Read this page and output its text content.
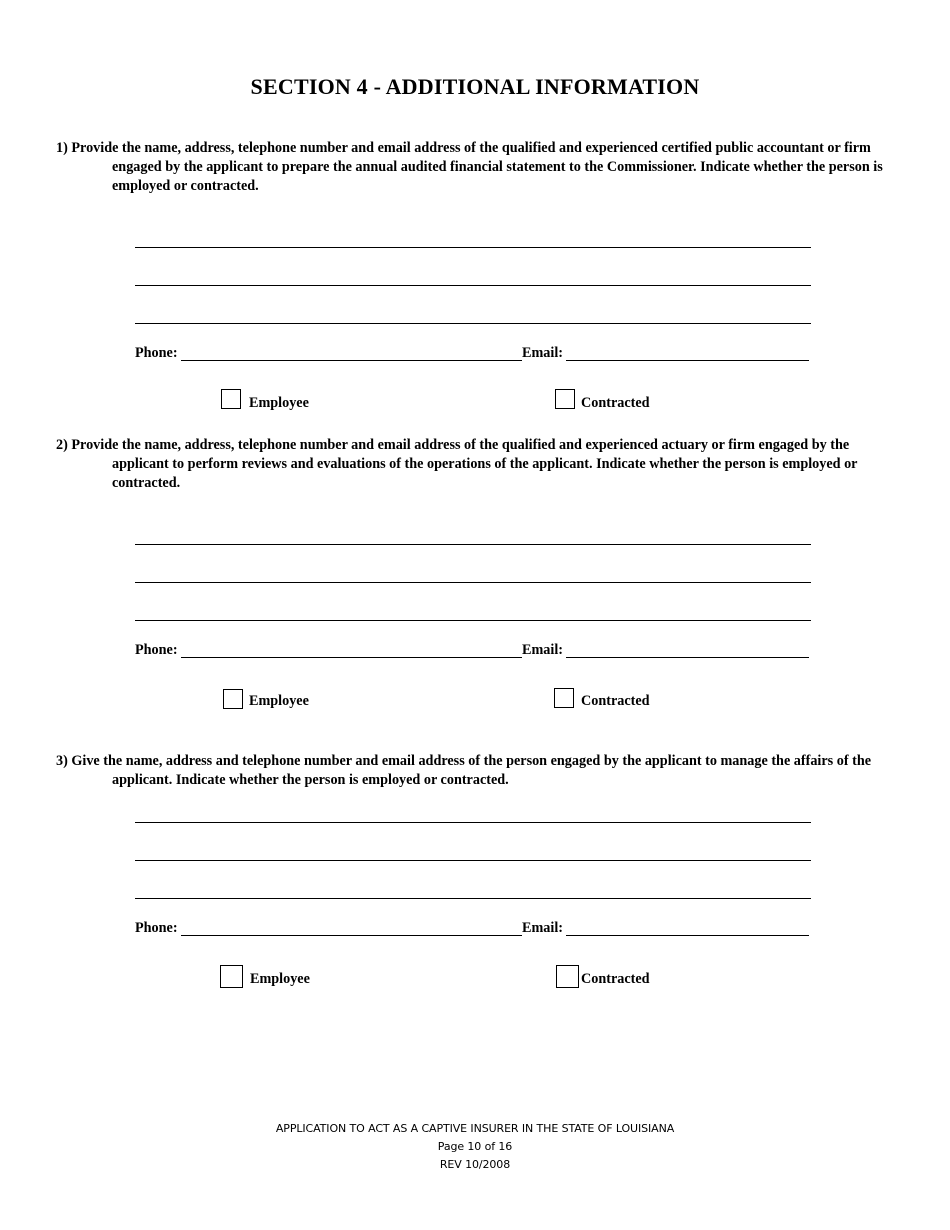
SECTION 4 - ADDITIONAL INFORMATION
1) Provide the name, address, telephone number and email address of the qualified and experienced certified public accountant or firm engaged by the applicant to prepare the annual audited financial statement to the Commissioner. Indicate whether the person is employed or contracted.
Phone:	Email:
Employee	Contracted
2) Provide the name, address, telephone number and email address of the qualified and experienced actuary or firm engaged by the applicant to perform reviews and evaluations of the operations of the applicant. Indicate whether the person is employed or contracted.
Phone:	Email:
Employee	Contracted
3) Give the name, address and telephone number and email address of the person engaged by the applicant to manage the affairs of the applicant. Indicate whether the person is employed or contracted.
Phone:	Email:
Employee	Contracted
APPLICATION TO ACT AS A CAPTIVE INSURER IN THE STATE OF LOUISIANA
Page 10 of 16
REV 10/2008
